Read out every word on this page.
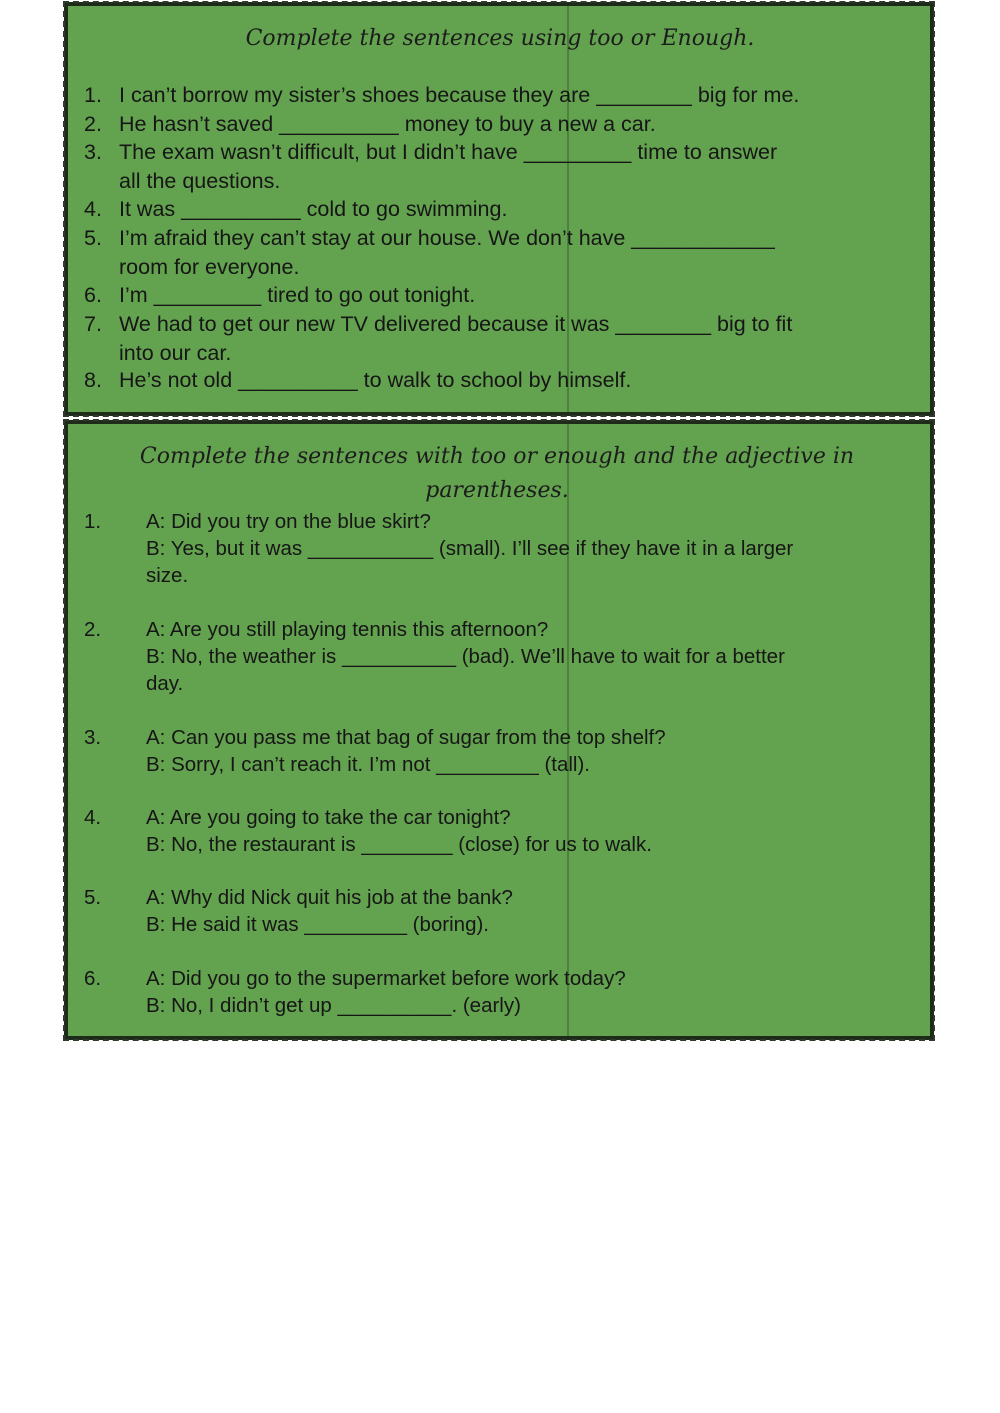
Complete the sentences using too or Enough.
1. I can’t borrow my sister’s shoes because they are ________ big for me.
2. He hasn’t saved __________ money to buy a new a car.
3. The exam wasn’t difficult, but I didn’t have _________ time to answer
all the questions.
4. It was __________ cold to go swimming.
5. I’m afraid they can’t stay at our house. We don’t have ____________
room for everyone.
6. I’m _________ tired to go out tonight.
7. We had to get our new TV delivered because it was ________ big to fit
into our car.
8. He’s not old __________ to walk to school by himself.
Complete the sentences with too or enough and the adjective in parentheses.
1.	A: Did you try on the blue skirt?
B: Yes, but it was ___________ (small). I’ll see if they have it in a larger
size.
2.	A: Are you still playing tennis this afternoon?
B: No, the weather is __________ (bad). We’ll have to wait for a better
day.
3.	A: Can you pass me that bag of sugar from the top shelf?
B: Sorry, I can’t reach it. I’m not _________ (tall).
4.	A: Are you going to take the car tonight?
B: No, the restaurant is ________ (close) for us to walk.
5.	A: Why did Nick quit his job at the bank?
B: He said it was _________ (boring).
6.	A: Did you go to the supermarket before work today?
B: No, I didn’t get up __________. (early)
